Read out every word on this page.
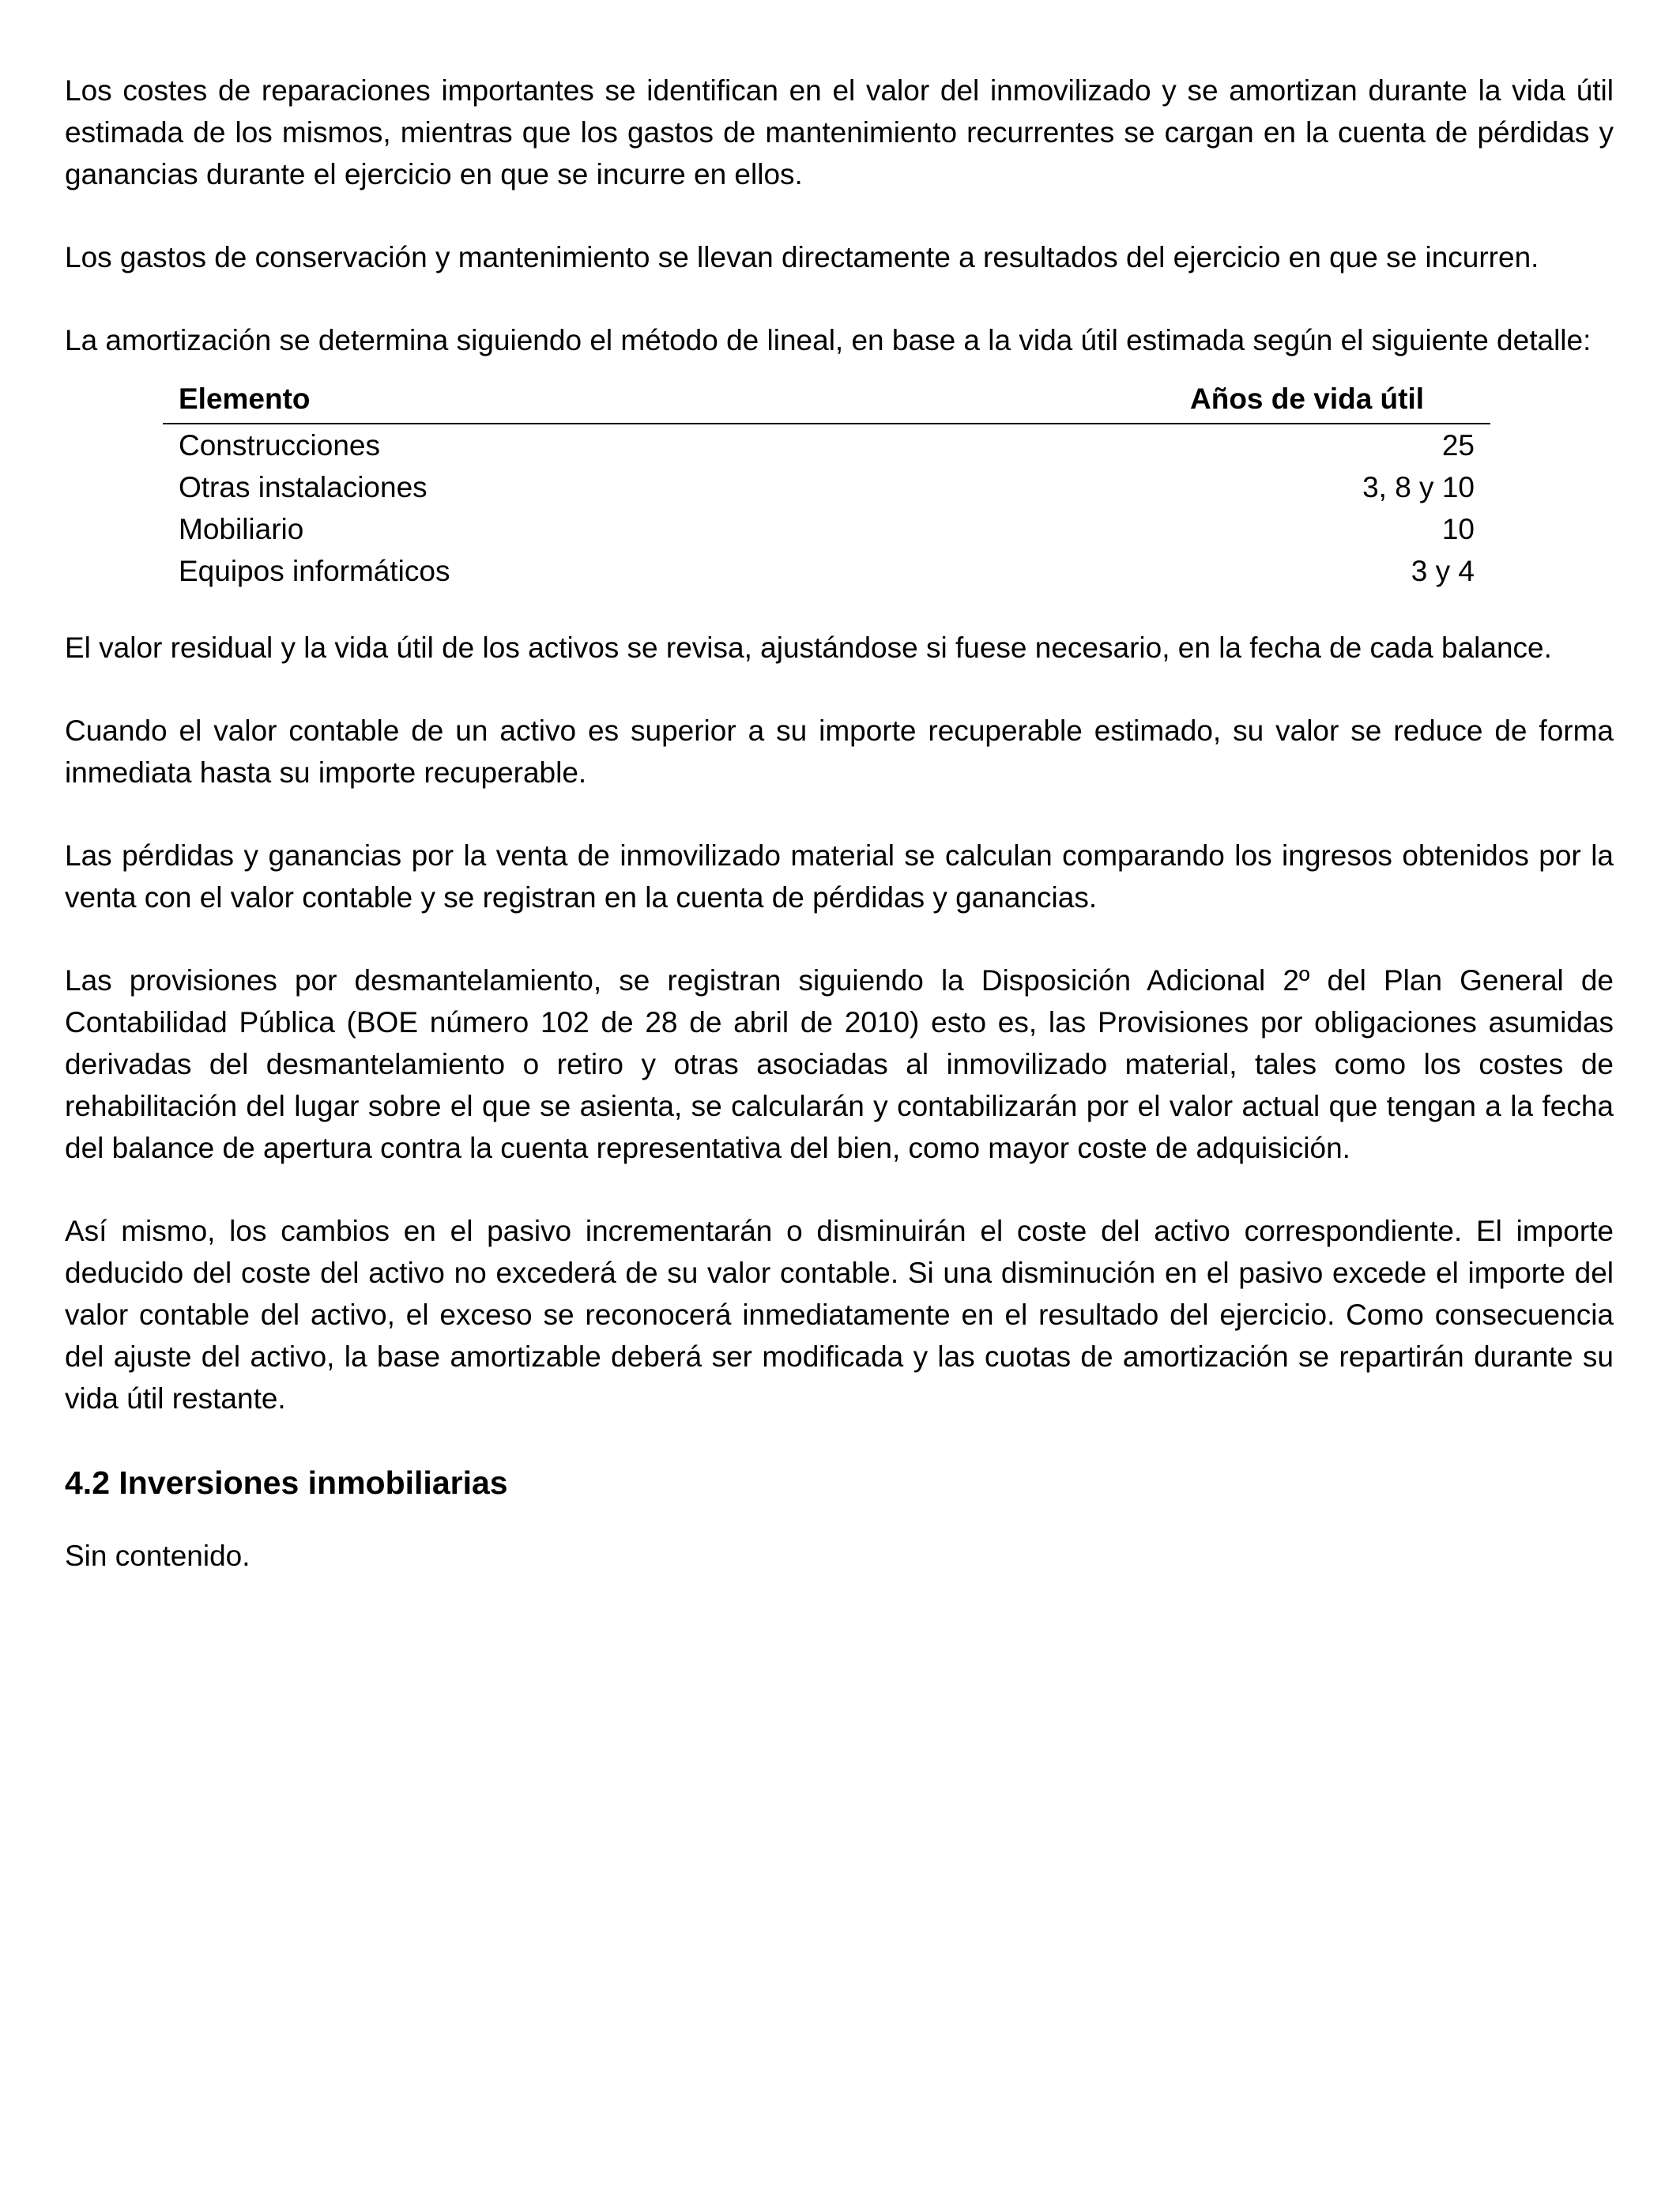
Los costes de reparaciones importantes se identifican en el valor del inmovilizado y se amortizan durante la vida útil estimada de los mismos, mientras que los gastos de mantenimiento recurrentes se cargan en la cuenta de pérdidas y ganancias durante el ejercicio en que se incurre en ellos.

Los gastos de conservación y mantenimiento se llevan directamente a resultados del ejercicio en que se incurren.

La amortización se determina siguiendo el método de lineal, en base a la vida útil estimada según el siguiente detalle:

Elemento	Años de vida útil
Construcciones	25
Otras instalaciones	3, 8 y 10
Mobiliario	10
Equipos informáticos	3 y 4

El valor residual y la vida útil de los activos se revisa, ajustándose si fuese necesario, en la fecha de cada balance.

Cuando el valor contable de un activo es superior a su importe recuperable estimado, su valor se reduce de forma inmediata hasta su importe recuperable.

Las pérdidas y ganancias por la venta de inmovilizado material se calculan comparando los ingresos obtenidos por la venta con el valor contable y se registran en la cuenta de pérdidas y ganancias.

Las provisiones por desmantelamiento, se registran siguiendo la Disposición Adicional 2º del Plan General de Contabilidad Pública (BOE número 102 de 28 de abril de 2010) esto es, las Provisiones por obligaciones asumidas derivadas del desmantelamiento o retiro y otras asociadas al inmovilizado material, tales como los costes de rehabilitación del lugar sobre el que se asienta, se calcularán y contabilizarán por el valor actual que tengan a la fecha del balance de apertura contra la cuenta representativa del bien, como mayor coste de adquisición.

Así mismo, los cambios en el pasivo incrementarán o disminuirán el coste del activo correspondiente. El importe deducido del coste del activo no excederá de su valor contable. Si una disminución en el pasivo excede el importe del valor contable del activo, el exceso se reconocerá inmediatamente en el resultado del ejercicio. Como consecuencia del ajuste del activo, la base amortizable deberá ser modificada y las cuotas de amortización se repartirán durante su vida útil restante.

4.2 Inversiones inmobiliarias

Sin contenido.
